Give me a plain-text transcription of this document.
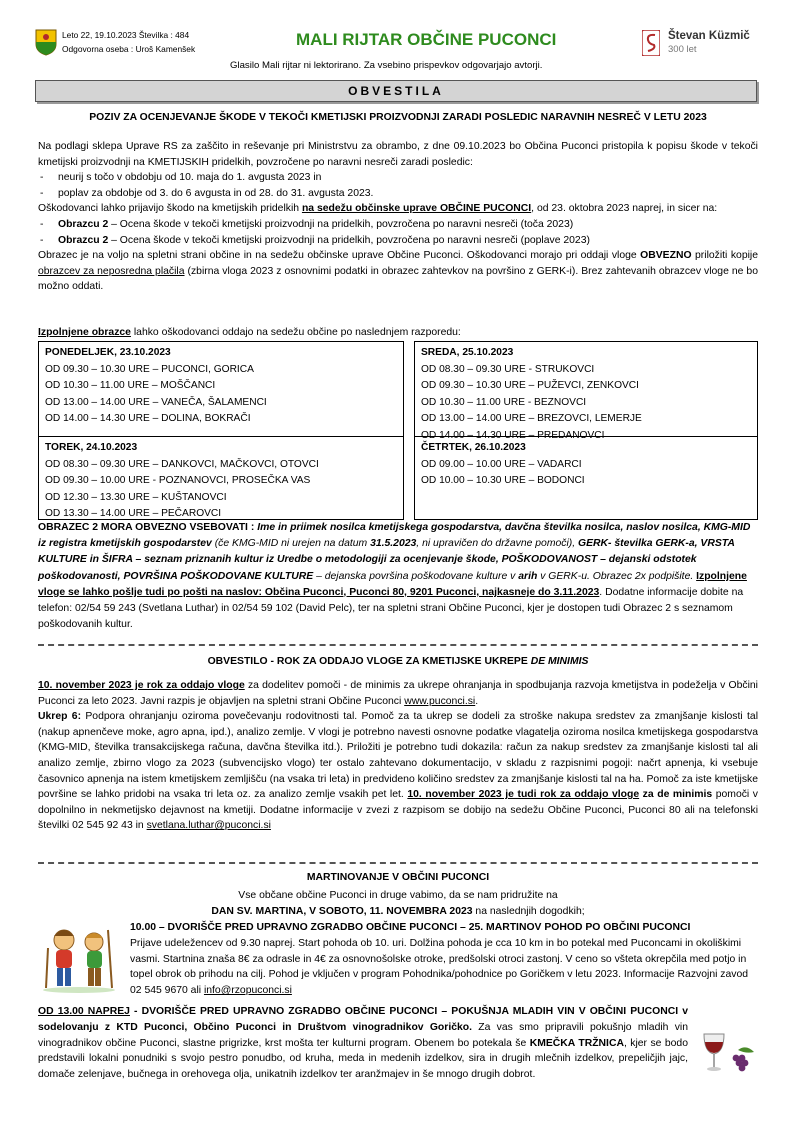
Leto 22, 19.10.2023 Številka : 484
Odgovorna oseba : Uroš Kamenšek	MALI RIJTAR OBČINE PUCONCI	Števan Küzmič
300 let
Glasilo Mali rijtar ni lektorirano. Za vsebino prispevkov odgovarjajo avtorji.
OBVESTILA
POZIV ZA OCENJEVANJE ŠKODE V TEKOČI KMETIJSKI PROIZVODNJI ZARADI POSLEDIC NARAVNIH NESREČ V LETU 2023
Na podlagi sklepa Uprave RS za zaščito in reševanje pri Ministrstvu za obrambo, z dne 09.10.2023 bo Občina Puconci pristopila k popisu škode v tekoči kmetijski proizvodnji na KMETIJSKIH pridelkih, povzročene po naravni nesreči zaradi posledic:
- neurij s točo v obdobju od 10. maja do 1. avgusta 2023 in
- poplav za obdobje od 3. do 6 avgusta in od 28. do 31. avgusta 2023.
Oškodovanci lahko prijavijo škodo na kmetijskih pridelkih na sedežu občinske uprave OBČINE PUCONCI, od 23. oktobra 2023 naprej, in sicer na:
- Obrazcu 2 – Ocena škode v tekoči kmetijski proizvodnji na pridelkih, povzročena po naravni nesreči (toča 2023)
- Obrazcu 2 – Ocena škode v tekoči kmetijski proizvodnji na pridelkih, povzročena po naravni nesreči (poplave 2023)
Obrazec je na voljo na spletni strani občine in na sedežu občinske uprave Občine Puconci. Oškodovanci morajo pri oddaji vloge OBVEZNO priložiti kopije obrazcev za neposredna plačila (zbirna vloga 2023 z osnovnimi podatki in obrazec zahtevkov na površino z GERK-i). Brez zahtevanih obrazcev vloge ne bo možno oddati.
Izpolnjene obrazce lahko oškodovanci oddajo na sedežu občine po naslednjem razporedu:
PONEDELJEK, 23.10.2023
OD 09.30 – 10.30 URE – PUCONCI, GORICA
OD 10.30 – 11.00 URE – MOŠČANCI
OD 13.00 – 14.00 URE – VANEČA, ŠALAMENCI
OD 14.00 – 14.30 URE – DOLINA, BOKRAČI
SREDA, 25.10.2023
OD 08.30 – 09.30 URE - STRUKOVCI
OD 09.30 – 10.30 URE – PUŽEVCI, ZENKOVCI
OD 10.30 – 11.00 URE - BEZNOVCI
OD 13.00 – 14.00 URE – BREZOVCI, LEMERJE
OD 14.00 – 14.30 URE – PREDANOVCI
TOREK, 24.10.2023
OD 08.30 – 09.30 URE – DANKOVCI, MAČKOVCI, OTOVCI
OD 09.30 – 10.00 URE - POZNANOVCI, PROSEČKA VAS
OD 12.30 – 13.30 URE – KUŠTANOVCI
OD 13.30 – 14.00 URE – PEČAROVCI
ČETRTEK, 26.10.2023
OD 09.00 – 10.00 URE – VADARCI
OD 10.00 – 10.30 URE – BODONCI
OBRAZEC 2 MORA OBVEZNO VSEBOVATI : Ime in priimek nosilca kmetijskega gospodarstva, davčna številka nosilca, naslov nosilca, KMG-MID iz registra kmetijskih gospodarstev (če KMG-MID ni urejen na datum 31.5.2023, ni upravičen do državne pomoči), GERK- številka GERK-a, VRSTA KULTURE in ŠIFRA – seznam priznanih kultur iz Uredbe o metodologiji za ocenjevanje škode, POŠKODOVANOST – dejanski odstotek poškodovanosti, POVRŠINA POŠKODOVANE KULTURE – dejanska površina poškodovane kulture v arih v GERK-u. Obrazec 2x podpišite. Izpolnjene vloge se lahko pošlje tudi po pošti na naslov: Občina Puconci, Puconci 80, 9201 Puconci, najkasneje do 3.11.2023. Dodatne informacije dobite na telefon: 02/54 59 243 (Svetlana Luthar) in 02/54 59 102 (David Pelc), ter na spletni strani Občine Puconci, kjer je dostopen tudi Obrazec 2 s seznamom poškodovanih kultur.
OBVESTILO - ROK ZA ODDAJO VLOGE ZA KMETIJSKE UKREPE DE MINIMIS
10. november 2023 je rok za oddajo vloge za dodelitev pomoči - de minimis za ukrepe ohranjanja in spodbujanja razvoja kmetijstva in podeželja v Občini Puconci za leto 2023. Javni razpis je objavljen na spletni strani Občine Puconci www.puconci.si.
Ukrep 6: Podpora ohranjanju oziroma povečevanju rodovitnosti tal. Pomoč za ta ukrep se dodeli za stroške nakupa sredstev za zmanjšanje kislosti tal (nakup apnenčeve moke, agro apna, ipd.), analizo zemlje. V vlogi je potrebno navesti osnovne podatke vlagatelja oziroma nosilca kmetijskega gospodarstva (KMG-MID, številka transakcijskega računa, davčna številka itd.). Priložiti je potrebno tudi dokazila: račun za nakup sredstev za zmanjšanje kislosti tal ali analizo zemlje, zbirno vlogo za 2023 (subvencijsko vlogo) ter ostalo zahtevano dokumentacijo, v skladu z razpisnimi pogoji: načrt apnenja, ki vsebuje časovnico apnenja na istem kmetijskem zemljišču (na vsaka tri leta) in predvideno količino sredstev za zmanjšanje kislosti tal na ha. Pomoč za iste kmetijske površine se lahko pridobi na vsaka tri leta oz. za analizo zemlje vsakih pet let. 10. november 2023 je tudi rok za oddajo vloge za de minimis pomoči v dopolnilno in nekmetijsko dejavnost na kmetiji. Dodatne informacije v zvezi z razpisom se dobijo na sedežu Občine Puconci, Puconci 80 ali na telefonski številki 02 545 92 43 in svetlana.luthar@puconci.si
MARTINOVANJE V OBČINI PUCONCI
Vse občane občine Puconci in druge vabimo, da se nam pridružite na
DAN SV. MARTINA, V SOBOTO, 11. NOVEMBRA 2023 na naslednjih dogodkih;
10.00 – DVORIŠČE PRED UPRAVNO ZGRADBO OBČINE PUCONCI – 25. MARTINOV POHOD PO OBČINI PUCONCI
Prijave udeležencev od 9.30 naprej. Start pohoda ob 10. uri. Dolžina pohoda je cca 10 km in bo potekal med Puconcami in okoliškimi vasmi. Startnina znaša 8€ za odrasle in 4€ za osnovnošolske otroke, predšolski otroci zastonj. V ceno so všteta okrepčila med potjo in topel obrok ob prihodu na cilj. Pohod je vključen v program Pohodnika/pohodnice po Goričkem v letu 2023. Informacije Razvojni zavod 02 545 9670 ali info@rzopuconci.si
OD 13.00 NAPREJ - DVORIŠČE PRED UPRAVNO ZGRADBO OBČINE PUCONCI – POKUŠNJA MLADIH VIN V OBČINI PUCONCI v sodelovanju z KTD Puconci, Občino Puconci in Društvom vinogradnikov Goričko. Za vas smo pripravili pokušnjo mladih vin vinogradnikov občine Puconci, slastne prigrizke, krst mošta ter kulturni program. Obenem bo potekala še KMEČKA TRŽNICA, kjer se bodo predstavili lokalni ponudniki s svojo pestro ponudbo, od kruha, meda in medenih izdelkov, sira in drugih mlečnih izdelkov, prepeličjih jajc, domače zelenjave, bučnega in orehovega olja, unikatnih izdelkov ter aranžmajev in še mnogo drugih dobrot.
